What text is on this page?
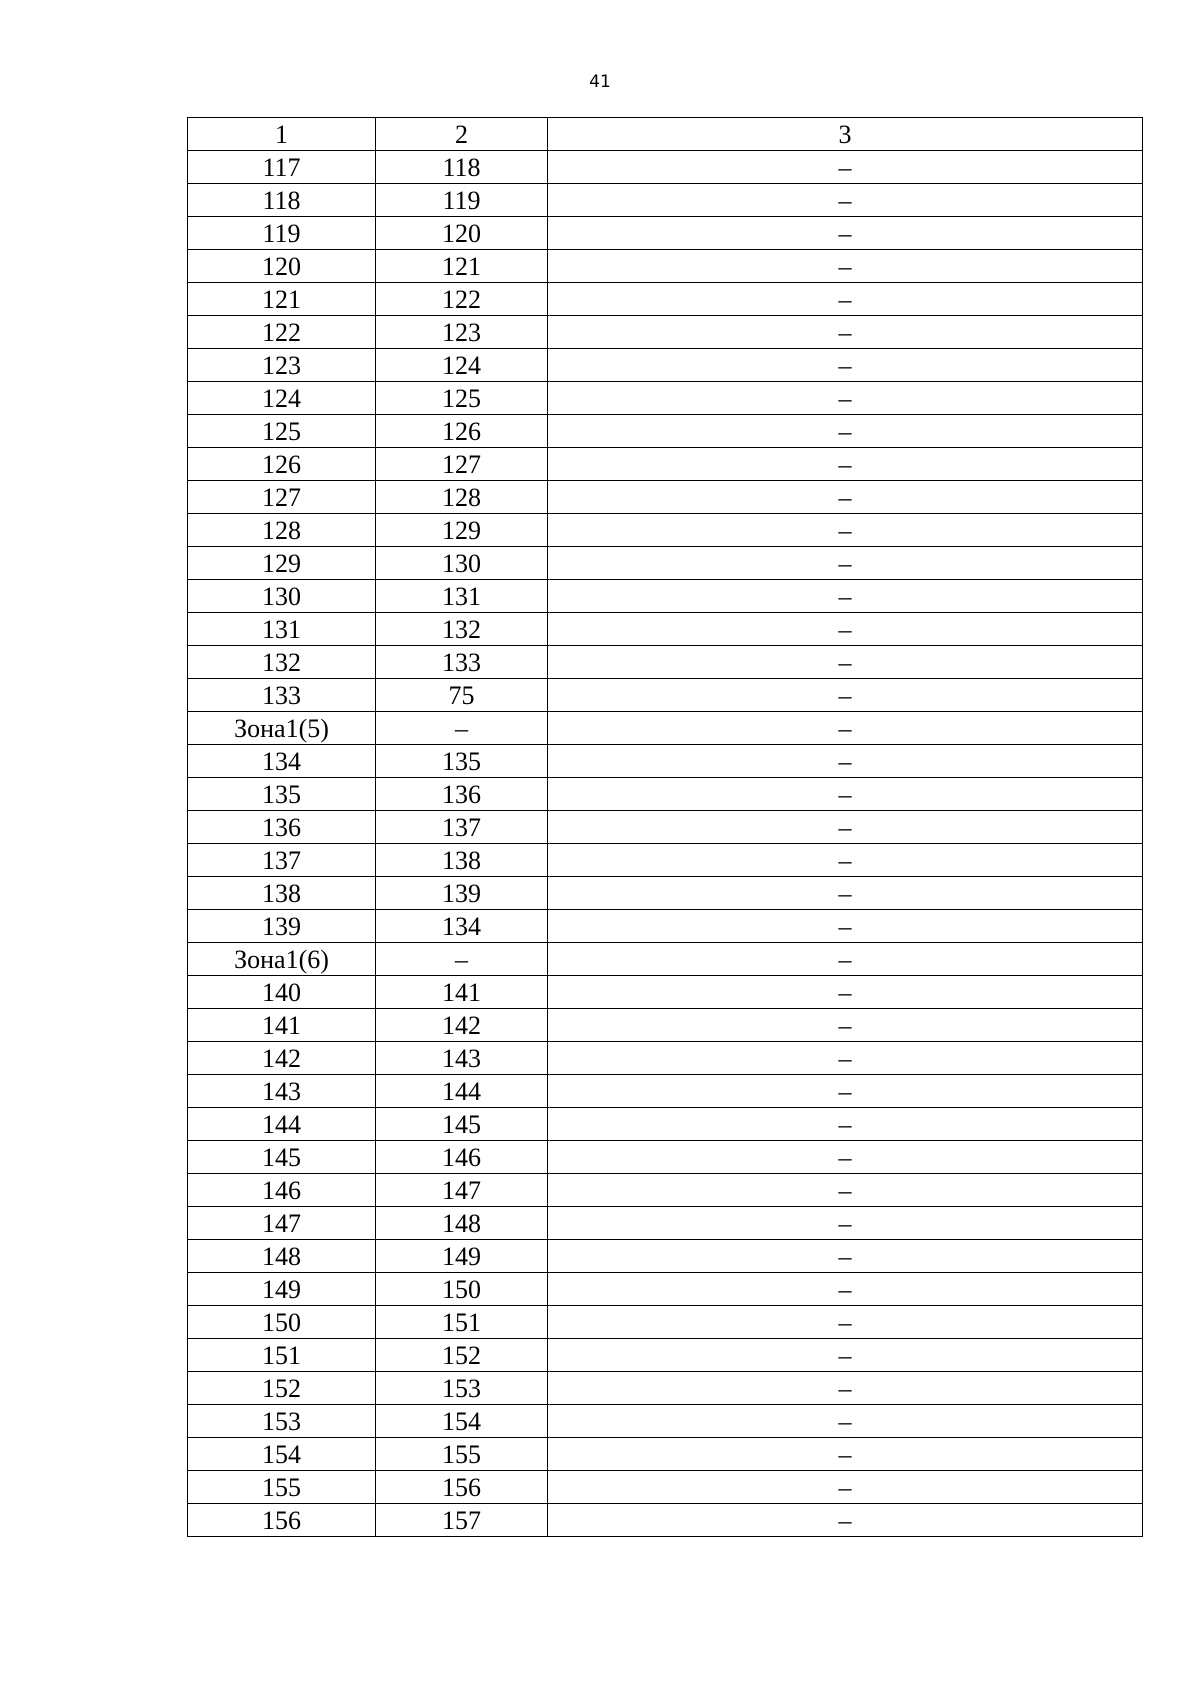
41
1	2	3
117	118	–
118	119	–
119	120	–
120	121	–
121	122	–
122	123	–
123	124	–
124	125	–
125	126	–
126	127	–
127	128	–
128	129	–
129	130	–
130	131	–
131	132	–
132	133	–
133	75	–
Зона1(5)	–	–
134	135	–
135	136	–
136	137	–
137	138	–
138	139	–
139	134	–
Зона1(6)	–	–
140	141	–
141	142	–
142	143	–
143	144	–
144	145	–
145	146	–
146	147	–
147	148	–
148	149	–
149	150	–
150	151	–
151	152	–
152	153	–
153	154	–
154	155	–
155	156	–
156	157	–
